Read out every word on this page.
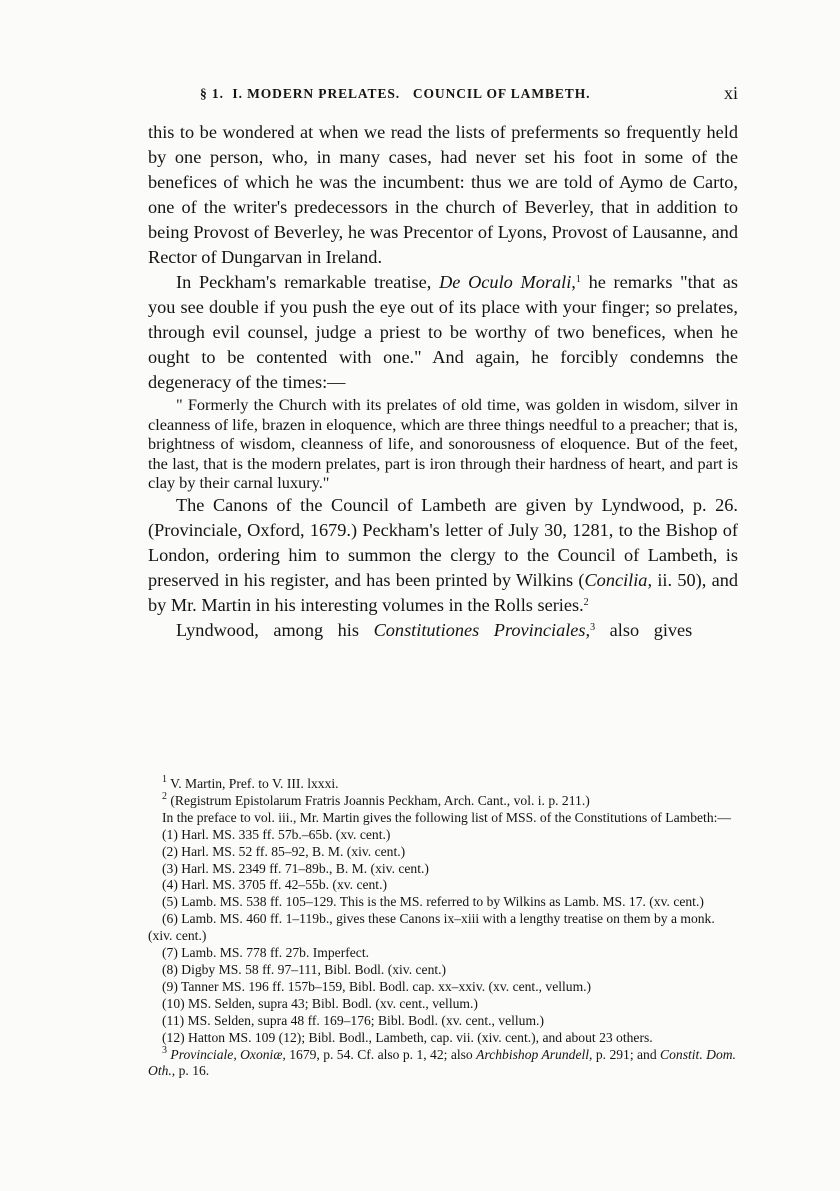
§ 1. I. MODERN PRELATES. COUNCIL OF LAMBETH.	xi

this to be wondered at when we read the lists of preferments so frequently held by one person, who, in many cases, had never set his foot in some of the benefices of which he was the incumbent: thus we are told of Aymo de Carto, one of the writer's predecessors in the church of Beverley, that in addition to being Provost of Beverley, he was Precentor of Lyons, Provost of Lausanne, and Rector of Dungarvan in Ireland.

In Peckham's remarkable treatise, De Oculo Morali,$^1$ he remarks "that as you see double if you push the eye out of its place with your finger; so prelates, through evil counsel, judge a priest to be worthy of two benefices, when he ought to be contented with one." And again, he forcibly condemns the degeneracy of the times:—

" Formerly the Church with its prelates of old time, was golden in wisdom, silver in cleanness of life, brazen in eloquence, which are three things needful to a preacher; that is, brightness of wisdom, cleanness of life, and sonorousness of eloquence. But of the feet, the last, that is the modern prelates, part is iron through their hardness of heart, and part is clay by their carnal luxury."

The Canons of the Council of Lambeth are given by Lyndwood, p. 26. (Provinciale, Oxford, 1679.) Peckham's letter of July 30, 1281, to the Bishop of London, ordering him to summon the clergy to the Council of Lambeth, is preserved in his register, and has been printed by Wilkins (Concilia, ii. 50), and by Mr. Martin in his interesting volumes in the Rolls series.$^2$

Lyndwood, among his Constitutiones Provinciales,$^3$ also gives

$^1$ V. Martin, Pref. to V. III. lxxxi.

$^2$ (Registrum Epistolarum Fratris Joannis Peckham, Arch. Cant., vol. i. p. 211.)

In the preface to vol. iii., Mr. Martin gives the following list of MSS. of the Constitutions of Lambeth:—

(1) Harl. MS. 335 ff. 57b.–65b. (xv. cent.)

(2) Harl. MS. 52 ff. 85–92, B. M. (xiv. cent.)

(3) Harl. MS. 2349 ff. 71–89b., B. M. (xiv. cent.)

(4) Harl. MS. 3705 ff. 42–55b. (xv. cent.)

(5) Lamb. MS. 538 ff. 105–129. This is the MS. referred to by Wilkins as Lamb. MS. 17. (xv. cent.)

(6) Lamb. MS. 460 ff. 1–119b., gives these Canons ix–xiii with a lengthy treatise on them by a monk. (xiv. cent.)

(7) Lamb. MS. 778 ff. 27b. Imperfect.

(8) Digby MS. 58 ff. 97–111, Bibl. Bodl. (xiv. cent.)

(9) Tanner MS. 196 ff. 157b–159, Bibl. Bodl. cap. xx–xxiv. (xv. cent., vellum.)

(10) MS. Selden, supra 43; Bibl. Bodl. (xv. cent., vellum.)

(11) MS. Selden, supra 48 ff. 169–176; Bibl. Bodl. (xv. cent., vellum.)

(12) Hatton MS. 109 (12); Bibl. Bodl., Lambeth, cap. vii. (xiv. cent.), and about 23 others.

$^3$ Provinciale, Oxoniæ, 1679, p. 54. Cf. also p. 1, 42; also Archbishop Arundell, p. 291; and Constit. Dom. Oth., p. 16.
